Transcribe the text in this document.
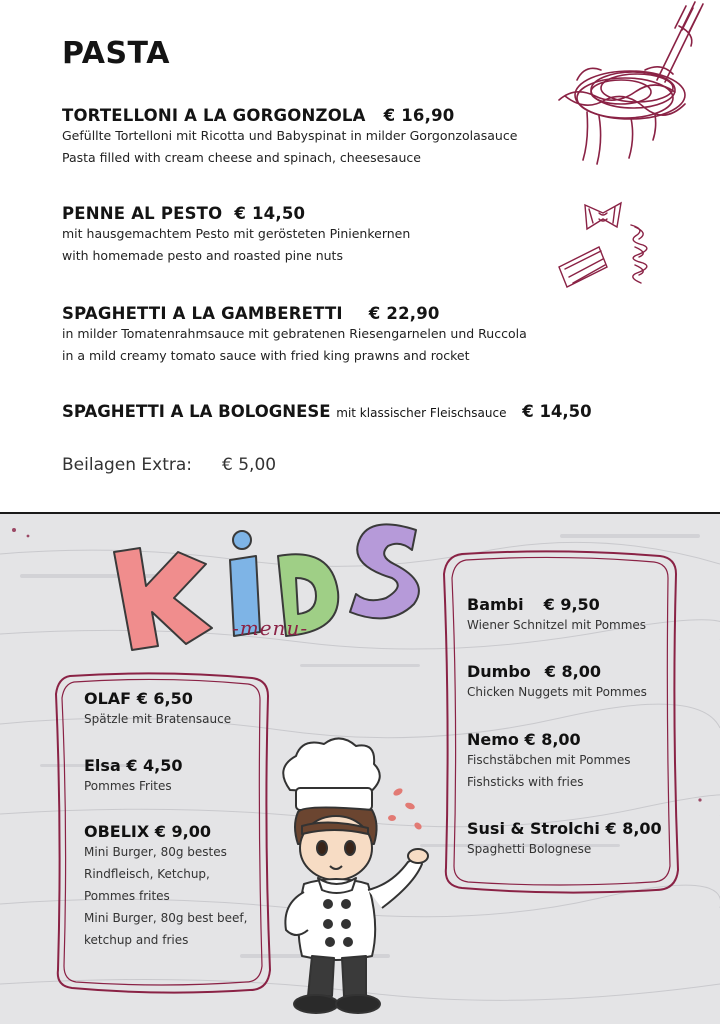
PASTA
TORTELLONI A LA GORGONZOLA € 16,90
Gefüllte Tortelloni mit Ricotta und Babyspinat in milder Gorgonzolasauce
Pasta filled with cream cheese and spinach, cheesesauce
PENNE AL PESTO € 14,50
mit hausgemachtem Pesto mit gerösteten Pinienkernen
with homemade pesto and roasted pine nuts
SPAGHETTI A LA GAMBERETTI € 22,90
in milder Tomatenrahmsauce mit gebratenen Riesengarnelen und Ruccola
in a mild creamy tomato sauce with fried king prawns and rocket
SPAGHETTI A LA BOLOGNESE mit klassischer Fleischsauce € 14,50
Beilagen Extra: € 5,00
-menu-
OLAF € 6,50
Spätzle mit Bratensauce
Elsa € 4,50
Pommes Frites
OBELIX € 9,00
Mini Burger, 80g bestes
Rindfleisch, Ketchup,
Pommes frites
Mini Burger, 80g best beef,
ketchup and fries
Bambi € 9,50
Wiener Schnitzel mit Pommes
Dumbo € 8,00
Chicken Nuggets mit Pommes
Nemo € 8,00
Fischstäbchen mit Pommes
Fishsticks with fries
Susi & Strolchi € 8,00
Spaghetti Bolognese
